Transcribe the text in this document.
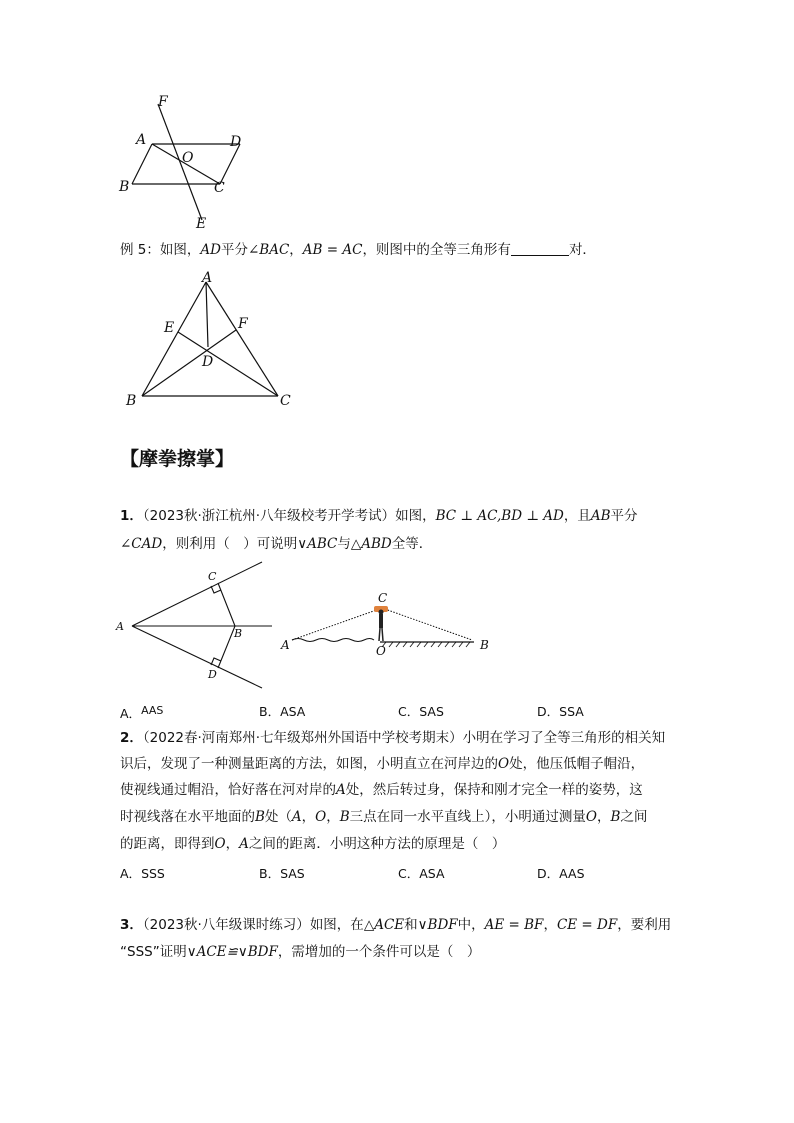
F
A	D
O
B	C
E
例 5：如图，AD平分∠BAC，AB = AC，则图中的全等三角形有	对．
A
E	F
D
B	C
【摩拳擦掌】
1．（2023秋·浙江杭州·八年级校考开学考试）如图，BC ⊥ AC,BD ⊥ AD，且AB平分
∠CAD，则利用（　）可说明∨ABC与△ABD全等．
A
B
C
D
C
A	O	B
A．AAS	B．ASA	C．SAS	D．SSA
2．（2022春·河南郑州·七年级郑州外国语中学校考期末）小明在学习了全等三角形的相关知
识后，发现了一种测量距离的方法，如图，小明直立在河岸边的O处，他压低帽子帽沿，
使视线通过帽沿，恰好落在河对岸的A处，然后转过身，保持和刚才完全一样的姿势，这
时视线落在水平地面的B处（A，O，B三点在同一水平直线上），小明通过测量O，B之间
的距离，即得到O，A之间的距离．小明这种方法的原理是（　）
A．SSS	B．SAS	C．ASA	D．AAS
3．（2023秋·八年级课时练习）如图，在△ACE和∨BDF中，AE = BF，CE = DF，要利用
“SSS”证明∨ACE≌∨BDF，需增加的一个条件可以是（　）
